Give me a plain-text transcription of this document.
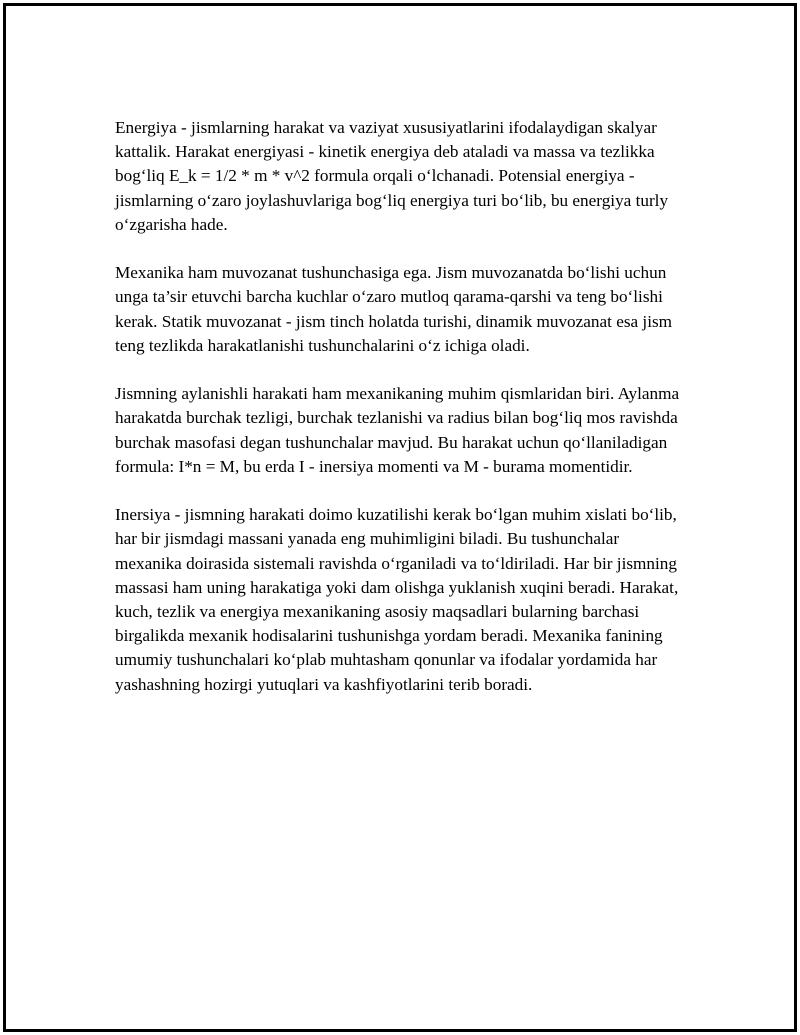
Energiya - jismlarning harakat va vaziyat xususiyatlarini ifodalaydigan skalyar kattalik. Harakat energiyasi - kinetik energiya deb ataladi va massa va tezlikka bog‘liq E_k = 1/2 * m * v^2 formula orqali o‘lchanadi. Potensial energiya - jismlarning o‘zaro joylashuvlariga bog‘liq energiya turi bo‘lib, bu energiya turly o‘zgarisha hade.

Mexanika ham muvozanat tushunchasiga ega. Jism muvozanatda bo‘lishi uchun unga ta’sir etuvchi barcha kuchlar o‘zaro mutloq qarama-qarshi va teng bo‘lishi kerak. Statik muvozanat - jism tinch holatda turishi, dinamik muvozanat esa jism teng tezlikda harakatlanishi tushunchalarini o‘z ichiga oladi.

Jismning aylanishli harakati ham mexanikaning muhim qismlaridan biri. Aylanma harakatda burchak tezligi, burchak tezlanishi va radius bilan bog‘liq mos ravishda burchak masofasi degan tushunchalar mavjud. Bu harakat uchun qo‘llaniladigan formula: I*n = M, bu erda I - inersiya momenti va M - burama momentidir.

Inersiya - jismning harakati doimo kuzatilishi kerak bo‘lgan muhim xislati bo‘lib, har bir jismdagi massani yanada eng muhimligini biladi. Bu tushunchalar mexanika doirasida sistemali ravishda o‘rganiladi va to‘ldiriladi. Har bir jismning massasi ham uning harakatiga yoki dam olishga yuklanish xuqini beradi. Harakat, kuch, tezlik va energiya mexanikaning asosiy maqsadlari bularning barchasi birgalikda mexanik hodisalarini tushunishga yordam beradi. Mexanika fanining umumiy tushunchalari ko‘plab muhtasham qonunlar va ifodalar yordamida har yashashning hozirgi yutuqlari va kashfiyotlarini terib boradi.
